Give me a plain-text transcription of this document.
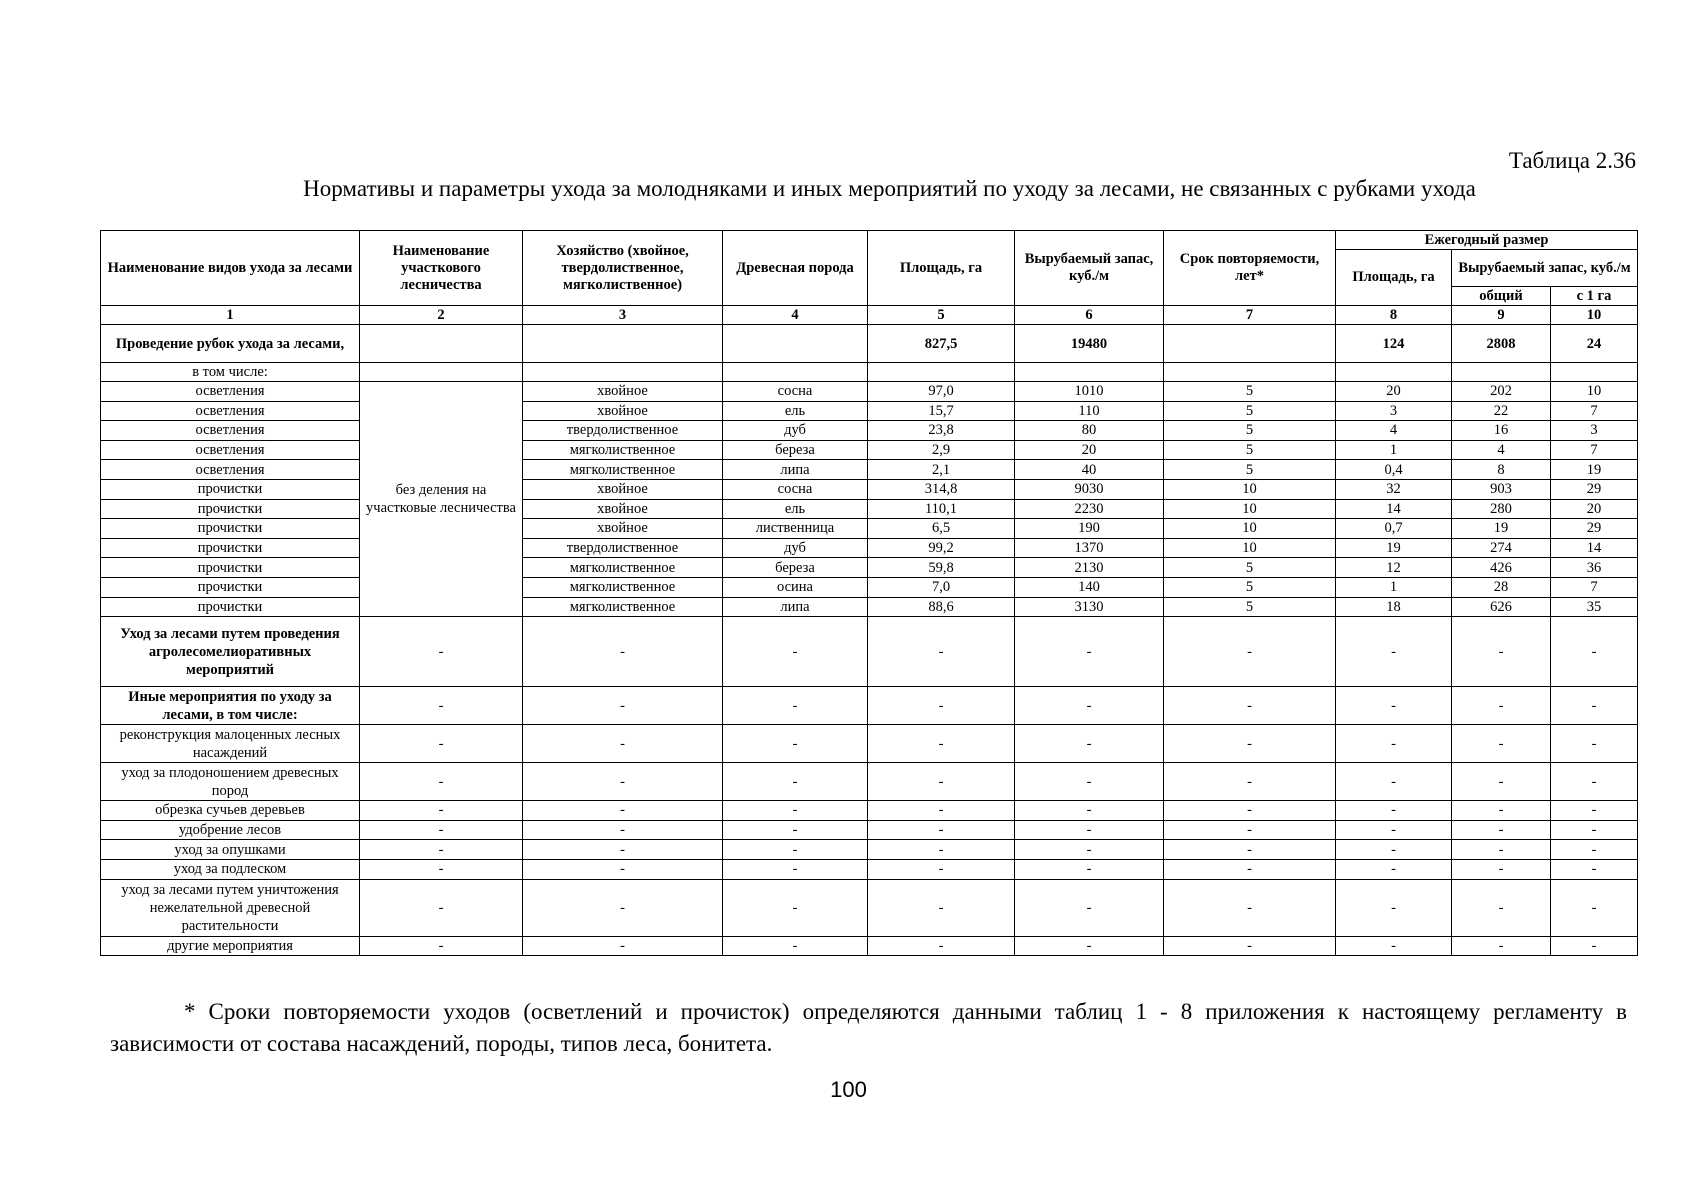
Таблица 2.36
Нормативы и параметры ухода за молодняками и иных мероприятий по уходу за лесами, не связанных с рубками ухода
Наименование видов ухода за лесами	Наименование участкового лесничества	Хозяйство (хвойное, твердолиственное, мягколиственное)	Древесная порода	Площадь, га	Вырубаемый запас, куб./м	Срок повторяемости, лет*	Ежегодный размер		
							Площадь, га	Вырубаемый запас, куб./м	
								общий	с 1 га
1	2	3	4	5	6	7	8	9	10
Проведение рубок ухода за лесами,				827,5	19480		124	2808	24
в том числе:									
осветления	без деления на участковые лесничества	хвойное	сосна	97,0	1010	5	20	202	10
осветления		хвойное	ель	15,7	110	5	3	22	7
осветления		твердолиственное	дуб	23,8	80	5	4	16	3
осветления		мягколиственное	береза	2,9	20	5	1	4	7
осветления		мягколиственное	липа	2,1	40	5	0,4	8	19
прочистки		хвойное	сосна	314,8	9030	10	32	903	29
прочистки		хвойное	ель	110,1	2230	10	14	280	20
прочистки		хвойное	лиственница	6,5	190	10	0,7	19	29
прочистки		твердолиственное	дуб	99,2	1370	10	19	274	14
прочистки		мягколиственное	береза	59,8	2130	5	12	426	36
прочистки		мягколиственное	осина	7,0	140	5	1	28	7
прочистки		мягколиственное	липа	88,6	3130	5	18	626	35
Уход за лесами путем проведения агролесомелиоративных мероприятий	-	-	-	-	-	-	-	-	-
Иные мероприятия по уходу за лесами, в том числе:	-	-	-	-	-	-	-	-	-
реконструкция малоценных лесных насаждений	-	-	-	-	-	-	-	-	-
уход за плодоношением древесных пород	-	-	-	-	-	-	-	-	-
обрезка сучьев деревьев	-	-	-	-	-	-	-	-	-
удобрение лесов	-	-	-	-	-	-	-	-	-
уход за опушками	-	-	-	-	-	-	-	-	-
уход за подлеском	-	-	-	-	-	-	-	-	-
уход за лесами путем уничтожения нежелательной древесной растительности	-	-	-	-	-	-	-	-	-
другие мероприятия	-	-	-	-	-	-	-	-	-
* Сроки повторяемости уходов (осветлений и прочисток) определяются данными таблиц 1 - 8 приложения к настоящему регламенту в зависимости от состава насаждений, породы, типов леса, бонитета.
100
